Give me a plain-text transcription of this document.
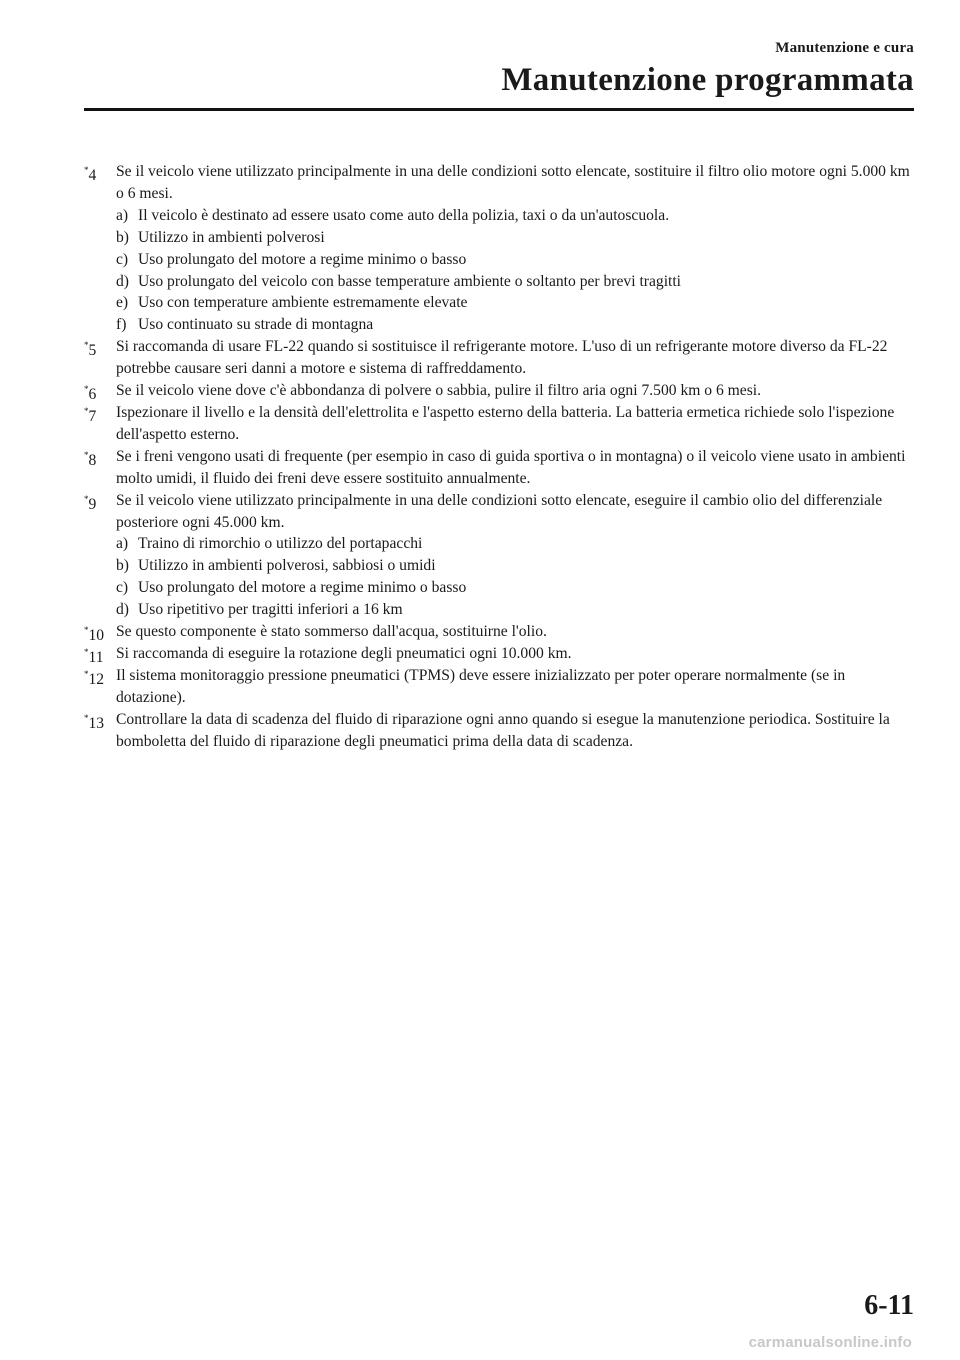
Manutenzione e cura
Manutenzione programmata
*4 Se il veicolo viene utilizzato principalmente in una delle condizioni sotto elencate, sostituire il filtro olio motore ogni 5.000 km o 6 mesi.
a) Il veicolo è destinato ad essere usato come auto della polizia, taxi o da un'autoscuola.
b) Utilizzo in ambienti polverosi
c) Uso prolungato del motore a regime minimo o basso
d) Uso prolungato del veicolo con basse temperature ambiente o soltanto per brevi tragitti
e) Uso con temperature ambiente estremamente elevate
f) Uso continuato su strade di montagna
*5 Si raccomanda di usare FL-22 quando si sostituisce il refrigerante motore. L'uso di un refrigerante motore diverso da FL-22 potrebbe causare seri danni a motore e sistema di raffreddamento.
*6 Se il veicolo viene dove c'è abbondanza di polvere o sabbia, pulire il filtro aria ogni 7.500 km o 6 mesi.
*7 Ispezionare il livello e la densità dell'elettrolita e l'aspetto esterno della batteria. La batteria ermetica richiede solo l'ispezione dell'aspetto esterno.
*8 Se i freni vengono usati di frequente (per esempio in caso di guida sportiva o in montagna) o il veicolo viene usato in ambienti molto umidi, il fluido dei freni deve essere sostituito annualmente.
*9 Se il veicolo viene utilizzato principalmente in una delle condizioni sotto elencate, eseguire il cambio olio del differenziale posteriore ogni 45.000 km.
a) Traino di rimorchio o utilizzo del portapacchi
b) Utilizzo in ambienti polverosi, sabbiosi o umidi
c) Uso prolungato del motore a regime minimo o basso
d) Uso ripetitivo per tragitti inferiori a 16 km
*10 Se questo componente è stato sommerso dall'acqua, sostituirne l'olio.
*11 Si raccomanda di eseguire la rotazione degli pneumatici ogni 10.000 km.
*12 Il sistema monitoraggio pressione pneumatici (TPMS) deve essere inizializzato per poter operare normalmente (se in dotazione).
*13 Controllare la data di scadenza del fluido di riparazione ogni anno quando si esegue la manutenzione periodica. Sostituire la bomboletta del fluido di riparazione degli pneumatici prima della data di scadenza.
6-11
carmanualsonline.info
